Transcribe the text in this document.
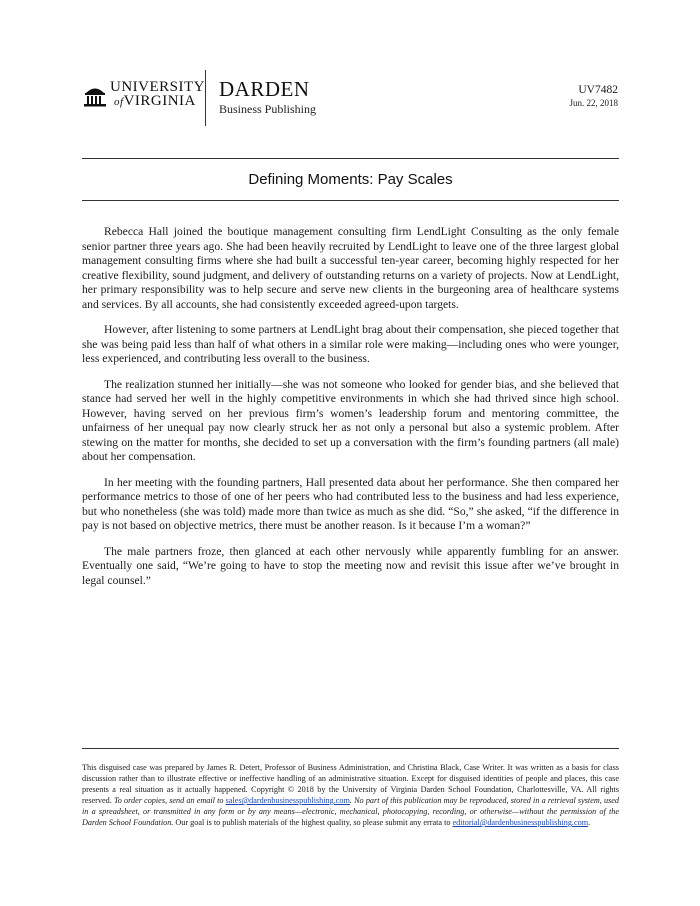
UNIVERSITY
ofVIRGINIA DARDEN
Business Publishing
UV7482
Jun. 22, 2018
Defining Moments: Pay Scales

Rebecca Hall joined the boutique management consulting firm LendLight Consulting as the only female senior partner three years ago. She had been heavily recruited by LendLight to leave one of the three largest global management consulting firms where she had built a successful ten-year career, becoming highly respected for her creative flexibility, sound judgment, and delivery of outstanding returns on a variety of projects. Now at LendLight, her primary responsibility was to help secure and serve new clients in the burgeoning area of healthcare systems and services. By all accounts, she had consistently exceeded agreed-upon targets.

However, after listening to some partners at LendLight brag about their compensation, she pieced together that she was being paid less than half of what others in a similar role were making—including ones who were younger, less experienced, and contributing less overall to the business.

The realization stunned her initially—she was not someone who looked for gender bias, and she believed that stance had served her well in the highly competitive environments in which she had thrived since high school. However, having served on her previous firm’s women’s leadership forum and mentoring committee, the unfairness of her unequal pay now clearly struck her as not only a personal but also a systemic problem. After stewing on the matter for months, she decided to set up a conversation with the firm’s founding partners (all male) about her compensation.

In her meeting with the founding partners, Hall presented data about her performance. She then compared her performance metrics to those of one of her peers who had contributed less to the business and had less experience, but who nonetheless (she was told) made more than twice as much as she did. “So,” she asked, “if the difference in pay is not based on objective metrics, there must be another reason. Is it because I’m a woman?”

The male partners froze, then glanced at each other nervously while apparently fumbling for an answer. Eventually one said, “We’re going to have to stop the meeting now and revisit this issue after we’ve brought in legal counsel.”

This disguised case was prepared by James R. Detert, Professor of Business Administration, and Christina Black, Case Writer. It was written as a basis for class discussion rather than to illustrate effective or ineffective handling of an administrative situation. Except for disguised identities of people and places, this case presents a real situation as it actually happened. Copyright © 2018 by the University of Virginia Darden School Foundation, Charlottesville, VA. All rights reserved. To order copies, send an email to sales@dardenbusinesspublishing.com. No part of this publication may be reproduced, stored in a retrieval system, used in a spreadsheet, or transmitted in any form or by any means—electronic, mechanical, photocopying, recording, or otherwise—without the permission of the Darden School Foundation. Our goal is to publish materials of the highest quality, so please submit any errata to editorial@dardenbusinesspublishing.com.
